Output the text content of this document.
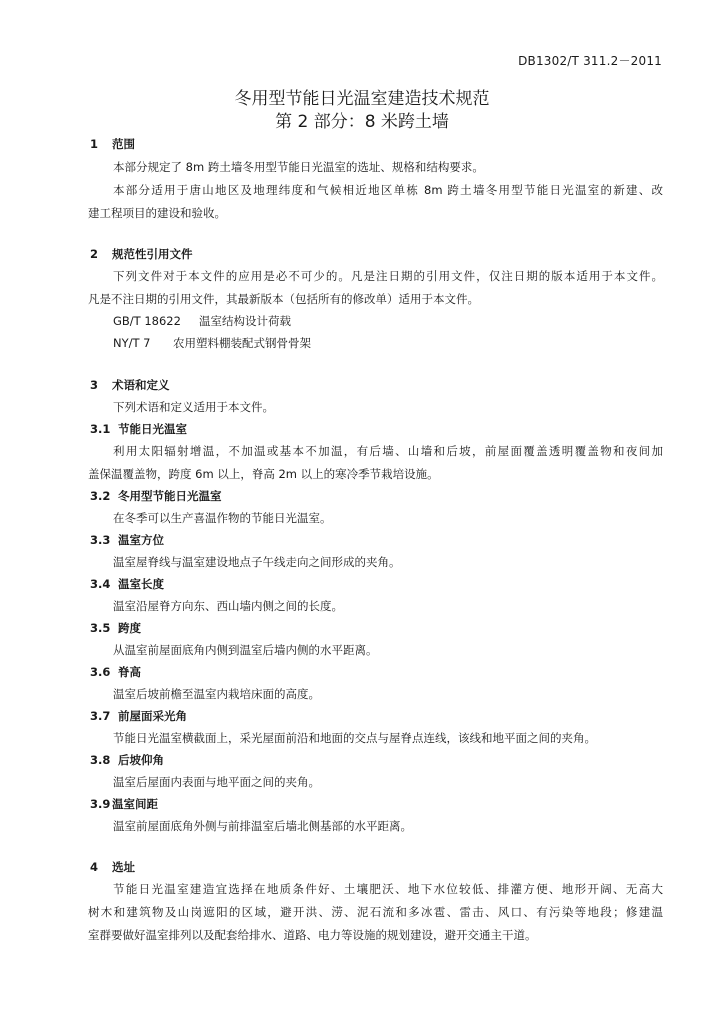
DB1302/T 311.2－2011
冬用型节能日光温室建造技术规范
第 2 部分：8 米跨土墙
1 范围
本部分规定了 8m 跨土墙冬用型节能日光温室的选址、规格和结构要求。
本部分适用于唐山地区及地理纬度和气候相近地区单栋 8m 跨土墙冬用型节能日光温室的新建、改
建工程项目的建设和验收。
2 规范性引用文件
下列文件对于本文件的应用是必不可少的。凡是注日期的引用文件，仅注日期的版本适用于本文件。
凡是不注日期的引用文件，其最新版本（包括所有的修改单）适用于本文件。
GB/T 18622 温室结构设计荷载
NY/T 7 农用塑料棚装配式钢骨骨架
3 术语和定义
下列术语和定义适用于本文件。
3.1 节能日光温室
利用太阳辐射增温，不加温或基本不加温，有后墙、山墙和后坡，前屋面覆盖透明覆盖物和夜间加
盖保温覆盖物，跨度 6m 以上，脊高 2m 以上的寒冷季节栽培设施。
3.2 冬用型节能日光温室
在冬季可以生产喜温作物的节能日光温室。
3.3 温室方位
温室屋脊线与温室建设地点子午线走向之间形成的夹角。
3.4 温室长度
温室沿屋脊方向东、西山墙内侧之间的长度。
3.5 跨度
从温室前屋面底角内侧到温室后墙内侧的水平距离。
3.6 脊高
温室后坡前檐至温室内栽培床面的高度。
3.7 前屋面采光角
节能日光温室横截面上，采光屋面前沿和地面的交点与屋脊点连线，该线和地平面之间的夹角。
3.8 后坡仰角
温室后屋面内表面与地平面之间的夹角。
3.9 温室间距
温室前屋面底角外侧与前排温室后墙北侧基部的水平距离。
4 选址
节能日光温室建造宜选择在地质条件好、土壤肥沃、地下水位较低、排灌方便、地形开阔、无高大
树木和建筑物及山岗遮阳的区域，避开洪、涝、泥石流和多冰雹、雷击、风口、有污染等地段；修建温
室群要做好温室排列以及配套给排水、道路、电力等设施的规划建设，避开交通主干道。
